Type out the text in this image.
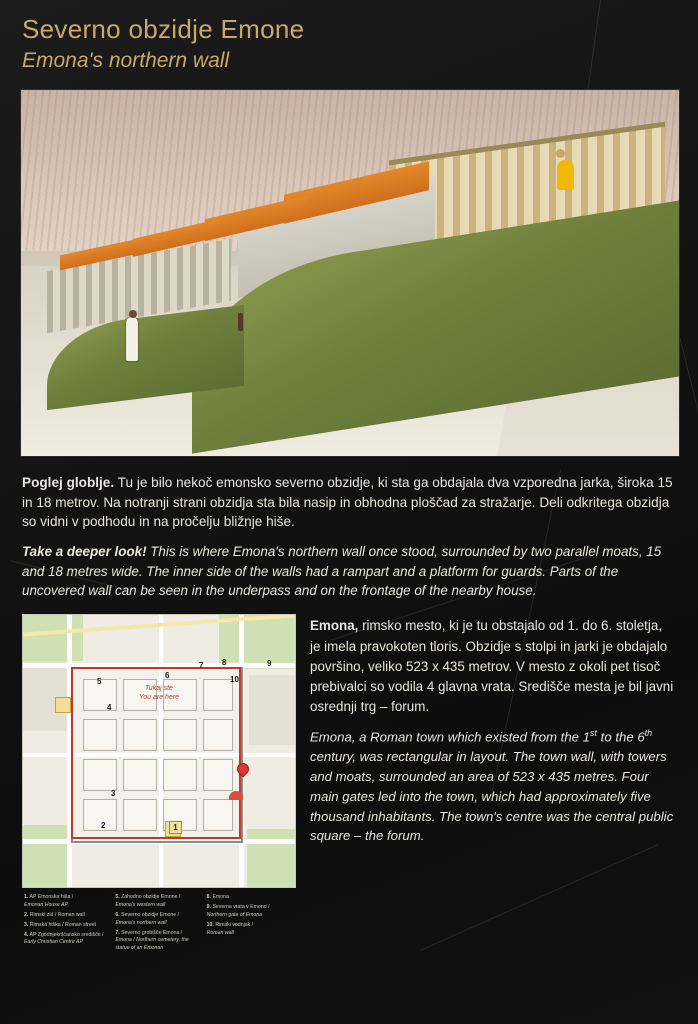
Severno obzidje Emone
Emona's northern wall

Poglej globlje. Tu je bilo nekoč emonsko severno obzidje, ki sta ga obdajala dva vzporedna jarka, široka 15 in 18 metrov. Na notranji strani obzidja sta bila nasip in obhodna ploščad za stražarje. Deli odkritega obzidja so vidni v podhodu in na pročelju bližnje hiše.

Take a deeper look! This is where Emona's northern wall once stood, surrounded by two parallel moats, 15 and 18 metres wide. The inner side of the walls had a rampart and a platform for guards. Parts of the uncovered wall can be seen in the underpass and on the frontage of the nearby house.

Tukaj ste
You are here
1
2
3
4
5
6
7 8	9
10
1. AP Emonska hiša /
Emonan House AP
2. Rimski zid / Roman wall
3. Rimska hiška / Roman street
4. AP Zgodnjekrščansko središče /
Early Christian Centre AP
5. Zahodno obzidje Emone /
Emona's western wall
6. Severno obzidje Emone /
Emona's northern wall
7. Severno grobišče ​Emona /
Emona / Northern cemetery, the statue of an Emonan
8. Emona
9. Severna vrata v Emono /
Northern gate of Emona
10. Rimski vodnjak /
Roman wall

Emona, rimsko mesto, ki je tu obstajalo od 1. do 6. stoletja, je imela pravokoten tloris. Obzidje s stolpi in jarki je obdajalo površino, veliko 523 x 435 metrov. V mesto z okoli pet tisoč prebivalci so vodila 4 glavna vrata. Središče mesta je bil javni osrednji trg – forum.

Emona, a Roman town which existed from the 1st to the 6th century, was rectangular in layout. The town wall, with towers and moats, surrounded an area of 523 x 435 metres. Four main gates led into the town, which had approximately five thousand inhabitants. The town's centre was the central public square – the forum.
